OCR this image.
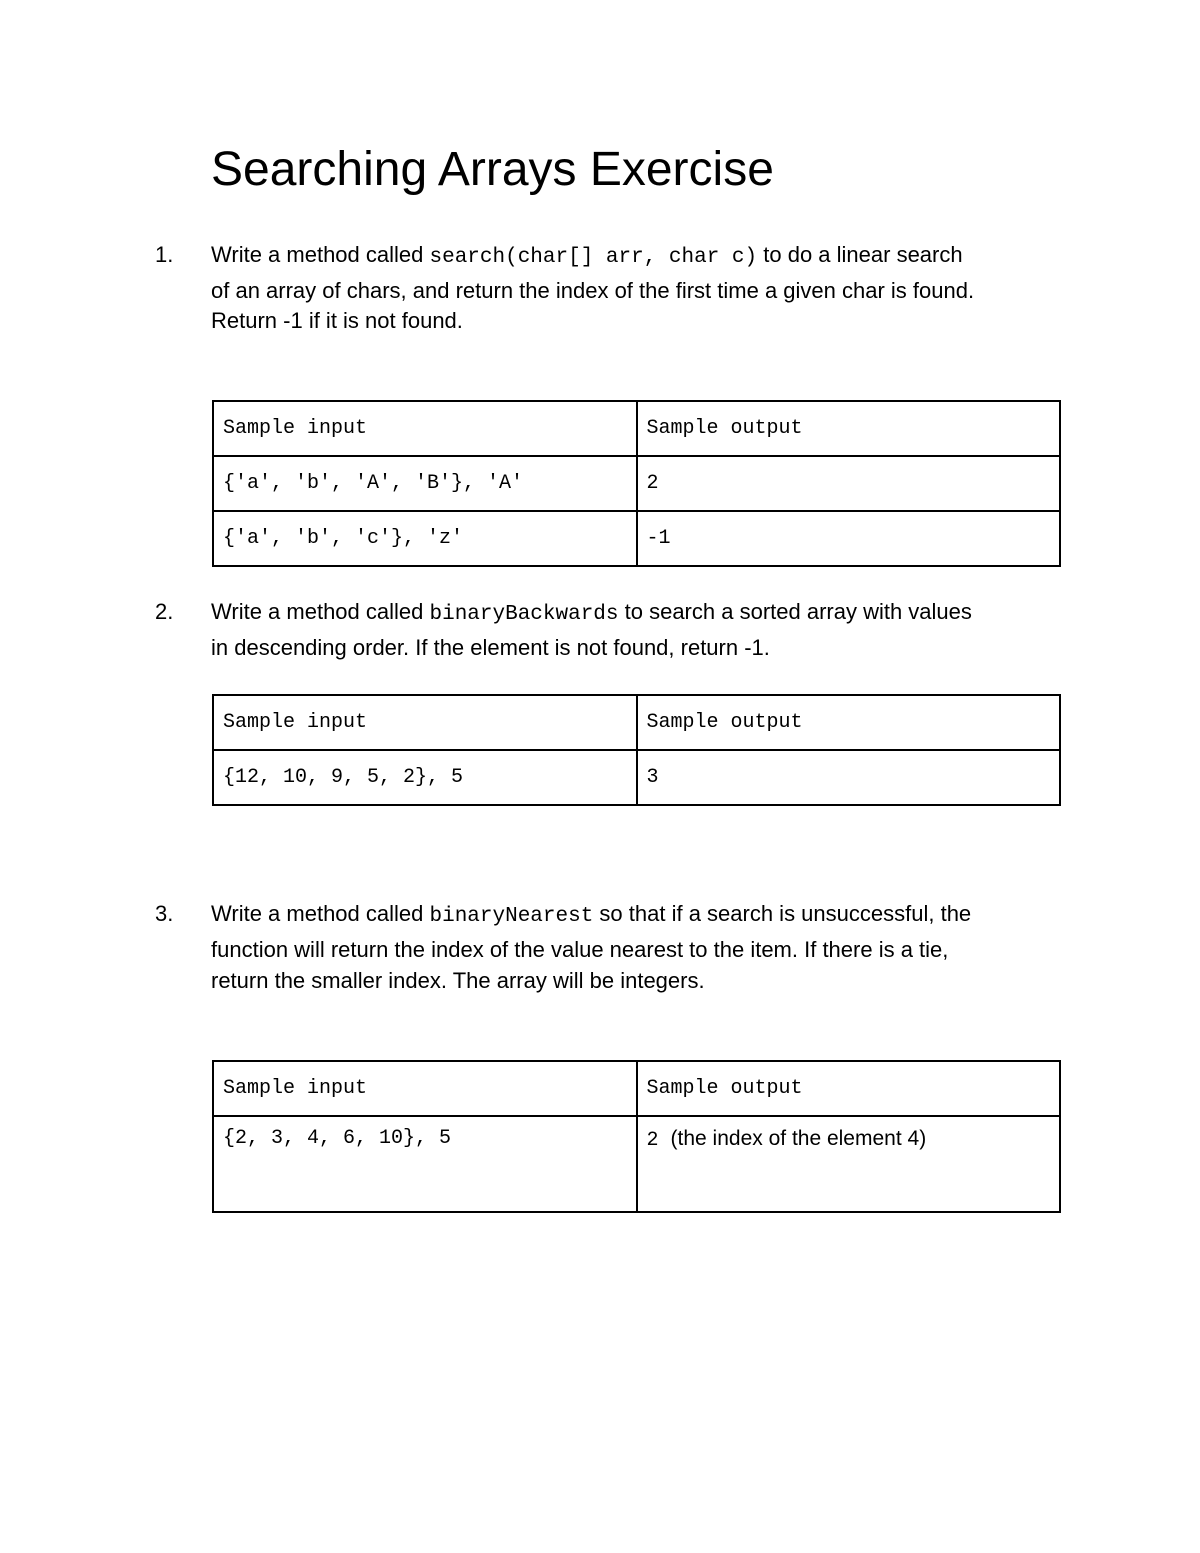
Searching Arrays Exercise
1. Write a method called search(char[] arr, char c) to do a linear search
of an array of chars, and return the index of the first time a given char is found.
Return -1 if it is not found.
Sample input	Sample output
{'a', 'b', 'A', 'B'}, 'A'	2
{'a', 'b', 'c'}, 'z'	-1
2. Write a method called binaryBackwards to search a sorted array with values
in descending order. If the element is not found, return -1.
Sample input	Sample output
{12, 10, 9, 5, 2}, 5	3
3. Write a method called binaryNearest so that if a search is unsuccessful, the
function will return the index of the value nearest to the item. If there is a tie,
return the smaller index. The array will be integers.
Sample input	Sample output
{2, 3, 4, 6, 10}, 5	2 (the index of the element 4)
